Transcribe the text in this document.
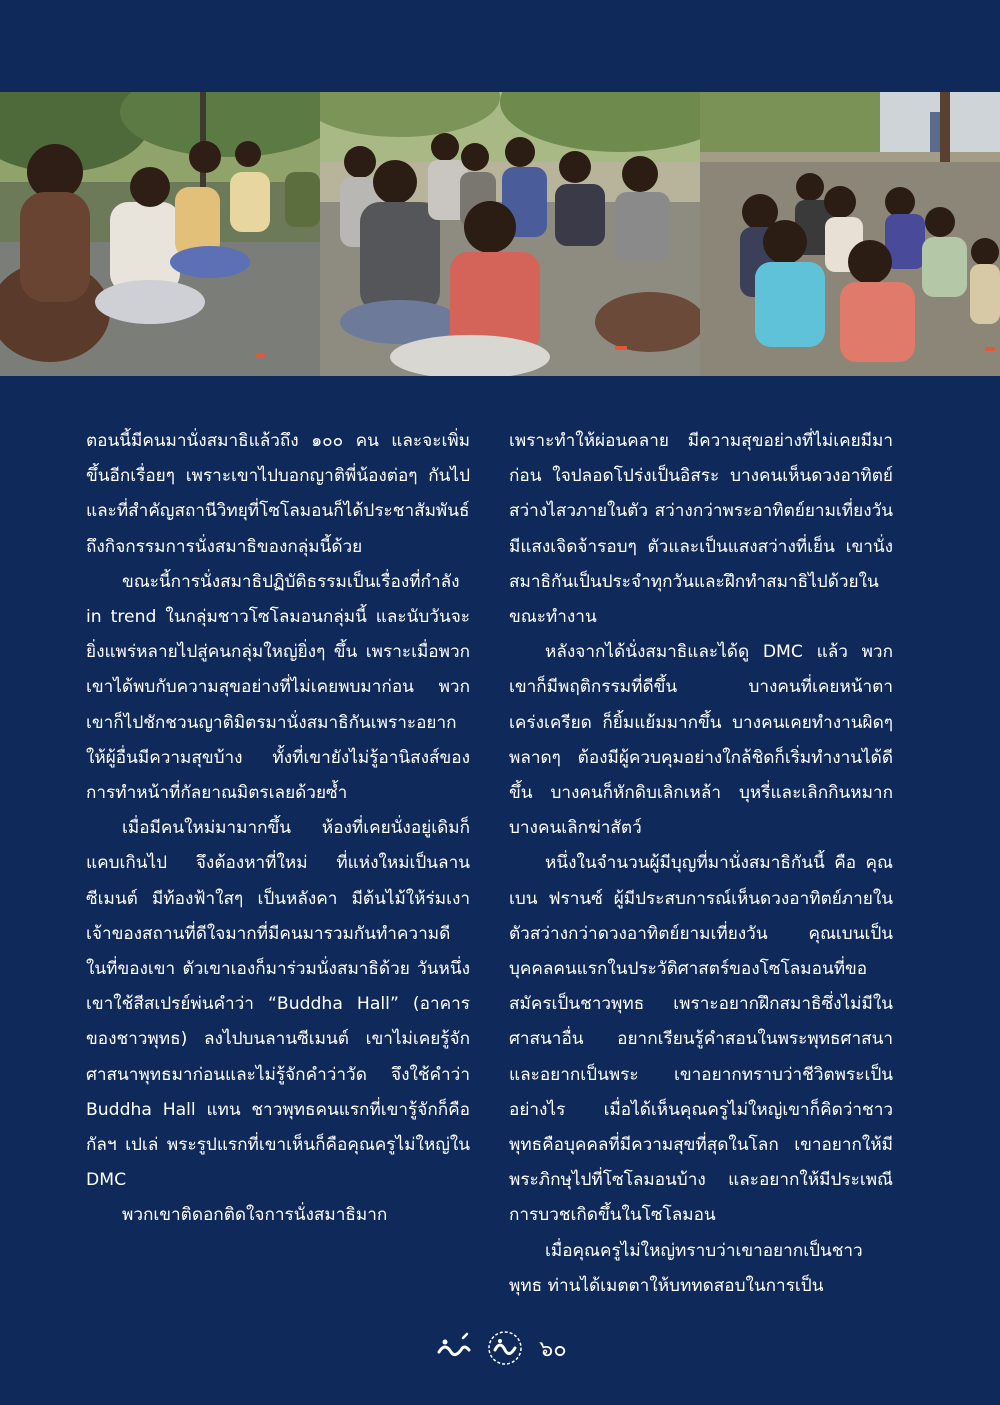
ตอนนี้มีคนมานั่งสมาธิแล้วถึง ๑๐๐ คน และจะเพิ่มขึ้นอีกเรื่อยๆ เพราะเขาไปบอกญาติพี่น้องต่อๆ กันไป และที่สำคัญสถานีวิทยุที่โซโลมอนก็ได้ประชาสัมพันธ์ถึงกิจกรรมการนั่งสมาธิของกลุ่มนี้ด้วย

ขณะนี้การนั่งสมาธิปฏิบัติธรรมเป็นเรื่องที่กำลัง in trend ในกลุ่มชาวโซโลมอนกลุ่มนี้ และนับวันจะยิ่งแพร่หลายไปสู่คนกลุ่มใหญ่ยิ่งๆ ขึ้น เพราะเมื่อพวกเขาได้พบกับความสุขอย่างที่ไม่เคยพบมาก่อน พวกเขาก็ไปชักชวนญาติมิตรมานั่งสมาธิกันเพราะอยากให้ผู้อื่นมีความสุขบ้าง ทั้งที่เขายังไม่รู้อานิสงส์ของการทำหน้าที่กัลยาณมิตรเลยด้วยซ้ำ

เมื่อมีคนใหม่มามากขึ้น ห้องที่เคยนั่งอยู่เดิมก็แคบเกินไป จึงต้องหาที่ใหม่ ที่แห่งใหม่เป็นลานซีเมนต์ มีท้องฟ้าใสๆ เป็นหลังคา มีต้นไม้ให้ร่มเงา เจ้าของสถานที่ดีใจมากที่มีคนมารวมกันทำความดีในที่ของเขา ตัวเขาเองก็มาร่วมนั่งสมาธิด้วย วันหนึ่งเขาใช้สีสเปรย์พ่นคำว่า “Buddha Hall” (อาคารของชาวพุทธ) ลงไปบนลานซีเมนต์ เขาไม่เคยรู้จักศาสนาพุทธมาก่อนและไม่รู้จักคำว่าวัด จึงใช้คำว่า Buddha Hall แทน ชาวพุทธคนแรกที่เขารู้จักก็คือ กัลฯ เปเล่ พระรูปแรกที่เขาเห็นก็คือคุณครูไม่ใหญ่ใน DMC

พวกเขาติดอกติดใจการนั่งสมาธิมาก

เพราะทำให้ผ่อนคลาย มีความสุขอย่างที่ไม่เคยมีมาก่อน ใจปลอดโปร่งเป็นอิสระ บางคนเห็นดวงอาทิตย์สว่างไสวภายในตัว สว่างกว่าพระอาทิตย์ยามเที่ยงวัน มีแสงเจิดจ้ารอบๆ ตัวและเป็นแสงสว่างที่เย็น เขานั่งสมาธิกันเป็นประจำทุกวันและฝึกทำสมาธิไปด้วยในขณะทำงาน

หลังจากได้นั่งสมาธิและได้ดู DMC แล้ว พวกเขาก็มีพฤติกรรมที่ดีขึ้น บางคนที่เคยหน้าตาเคร่งเครียด ก็ยิ้มแย้มมากขึ้น บางคนเคยทำงานผิดๆ พลาดๆ ต้องมีผู้ควบคุมอย่างใกล้ชิดก็เริ่มทำงานได้ดีขึ้น บางคนก็หักดิบเลิกเหล้า บุหรี่และเลิกกินหมาก บางคนเลิกฆ่าสัตว์

หนึ่งในจำนวนผู้มีบุญที่มานั่งสมาธิกันนี้ คือ คุณเบน ฟรานซ์ ผู้มีประสบการณ์เห็นดวงอาทิตย์ภายในตัวสว่างกว่าดวงอาทิตย์ยามเที่ยงวัน คุณเบนเป็นบุคคลคนแรกในประวัติศาสตร์ของโซโลมอนที่ขอสมัครเป็นชาวพุทธ เพราะอยากฝึกสมาธิซึ่งไม่มีในศาสนาอื่น อยากเรียนรู้คำสอนในพระพุทธศาสนาและอยากเป็นพระ เขาอยากทราบว่าชีวิตพระเป็นอย่างไร เมื่อได้เห็นคุณครูไม่ใหญ่เขาก็คิดว่าชาวพุทธคือบุคคลที่มีความสุขที่สุดในโลก เขาอยากให้มีพระภิกษุไปที่โซโลมอนบ้าง และอยากให้มีประเพณีการบวชเกิดขึ้นในโซโลมอน

เมื่อคุณครูไม่ใหญ่ทราบว่าเขาอยากเป็นชาวพุทธ ท่านได้เมตตาให้บททดสอบในการเป็น

๖๐
